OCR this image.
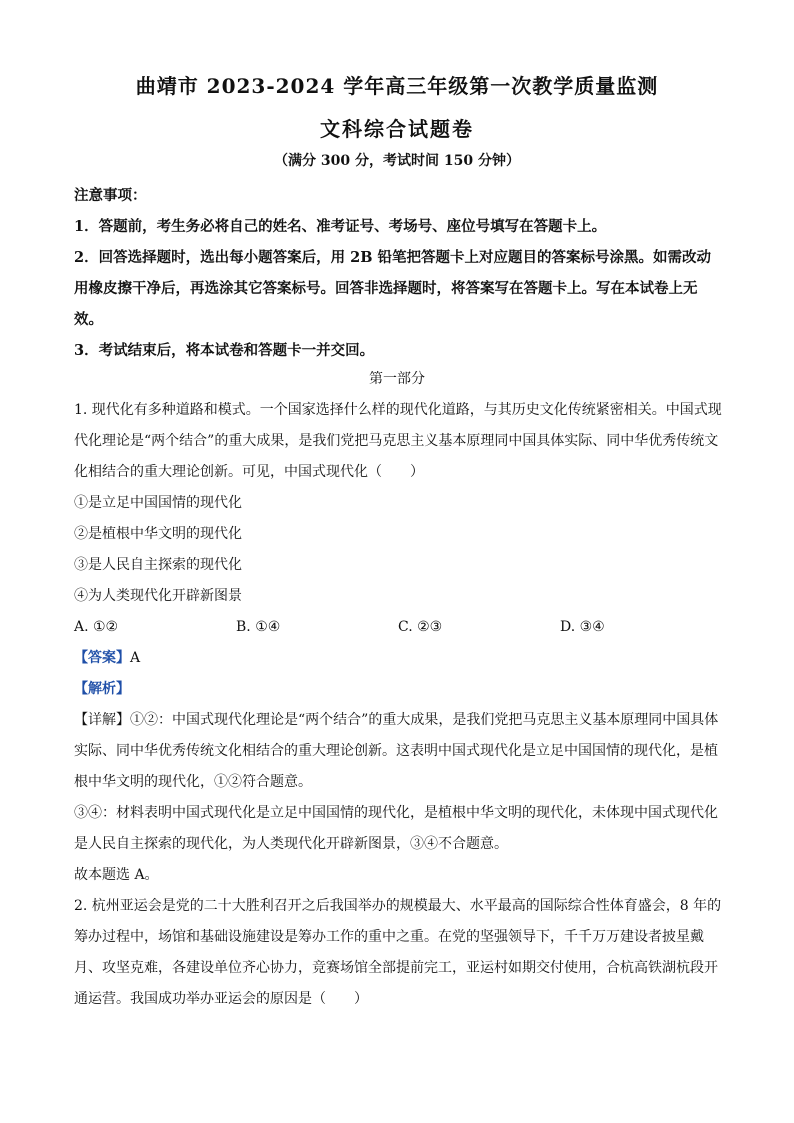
曲靖市 2023-2024 学年高三年级第一次教学质量监测
文科综合试题卷
（满分 300 分，考试时间 150 分钟）

注意事项：

1．答题前，考生务必将自己的姓名、准考证号、考场号、座位号填写在答题卡上。

2．回答选择题时，选出每小题答案后，用 2B 铅笔把答题卡上对应题目的答案标号涂黑。如需改动用橡皮擦干净后，再选涂其它答案标号。回答非选择题时，将答案写在答题卡上。写在本试卷上无效。

3．考试结束后，将本试卷和答题卡一并交回。

第一部分

1. 现代化有多种道路和模式。一个国家选择什么样的现代化道路，与其历史文化传统紧密相关。中国式现代化理论是“两个结合”的重大成果，是我们党把马克思主义基本原理同中国具体实际、同中华优秀传统文化相结合的重大理论创新。可见，中国式现代化（　　）

①是立足中国国情的现代化

②是植根中华文明的现代化

③是人民自主探索的现代化

④为人类现代化开辟新图景

A. ①②	B. ①④	C. ②③	D. ③④

【答案】A

【解析】

【详解】①②：中国式现代化理论是“两个结合”的重大成果，是我们党把马克思主义基本原理同中国具体实际、同中华优秀传统文化相结合的重大理论创新。这表明中国式现代化是立足中国国情的现代化，是植根中华文明的现代化，①②符合题意。

③④：材料表明中国式现代化是立足中国国情的现代化，是植根中华文明的现代化，未体现中国式现代化是人民自主探索的现代化，为人类现代化开辟新图景，③④不合题意。

故本题选 A。

2. 杭州亚运会是党的二十大胜利召开之后我国举办的规模最大、水平最高的国际综合性体育盛会，8 年的筹办过程中，场馆和基础设施建设是筹办工作的重中之重。在党的坚强领导下，千千万万建设者披星戴月、攻坚克难，各建设单位齐心协力，竞赛场馆全部提前完工，亚运村如期交付使用，合杭高铁湖杭段开通运营。我国成功举办亚运会的原因是（　　）
